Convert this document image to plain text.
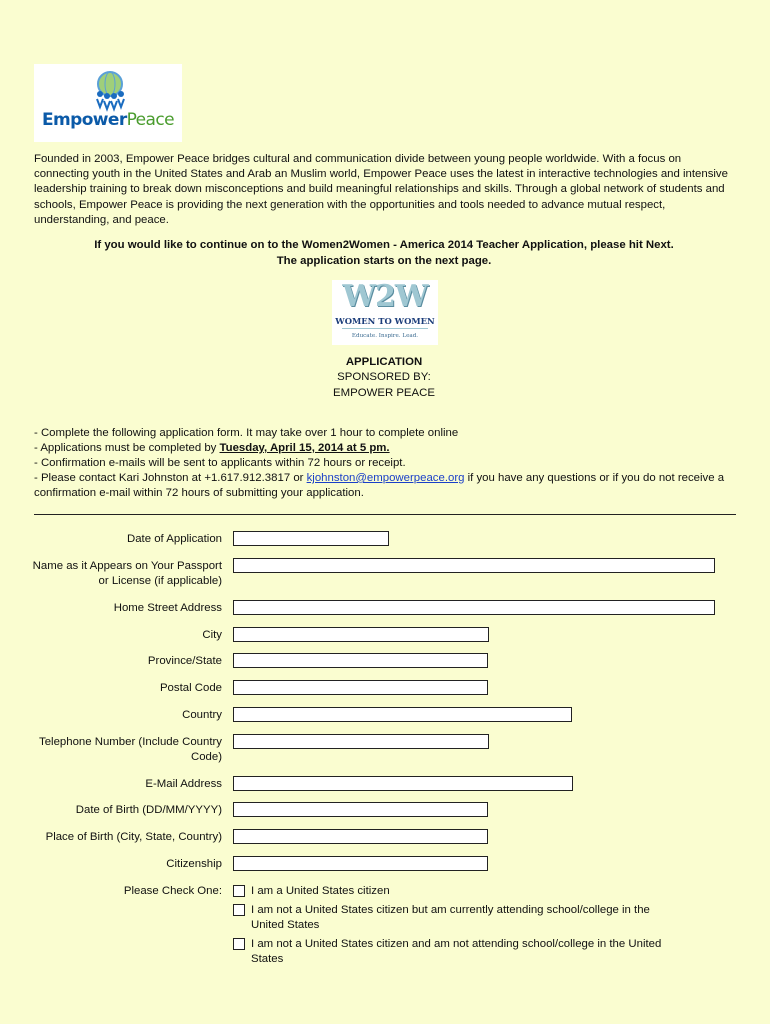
EmpowerPeace
Founded in 2003, Empower Peace bridges cultural and communication divide between young people worldwide. With a focus on connecting youth in the United States and Arab an Muslim world, Empower Peace uses the latest in interactive technologies and intensive leadership training to break down misconceptions and build meaningful relationships and skills. Through a global network of students and schools, Empower Peace is providing the next generation with the opportunities and tools needed to advance mutual respect, understanding, and peace.
If you would like to continue on to the Women2Women - America 2014 Teacher Application, please hit Next.
The application starts on the next page.
W2W
WOMEN TO WOMEN
Educate. Inspire. Lead.
APPLICATION
SPONSORED BY:
EMPOWER PEACE
- Complete the following application form. It may take over 1 hour to complete online
- Applications must be completed by Tuesday, April 15, 2014 at 5 pm.
- Confirmation e-mails will be sent to applicants within 72 hours or receipt.
- Please contact Kari Johnston at +1.617.912.3817 or kjohnston@empowerpeace.org if you have any questions or if you do not receive a confirmation e-mail within 72 hours of submitting your application.
Date of Application
Name as it Appears on Your Passport or License (if applicable)
Home Street Address
City
Province/State
Postal Code
Country
Telephone Number (Include Country Code)
E-Mail Address
Date of Birth (DD/MM/YYYY)
Place of Birth (City, State, Country)
Citizenship
Please Check One:	I am a United States citizen
I am not a United States citizen but am currently attending school/college in the United States
I am not a United States citizen and am not attending school/college in the United States
